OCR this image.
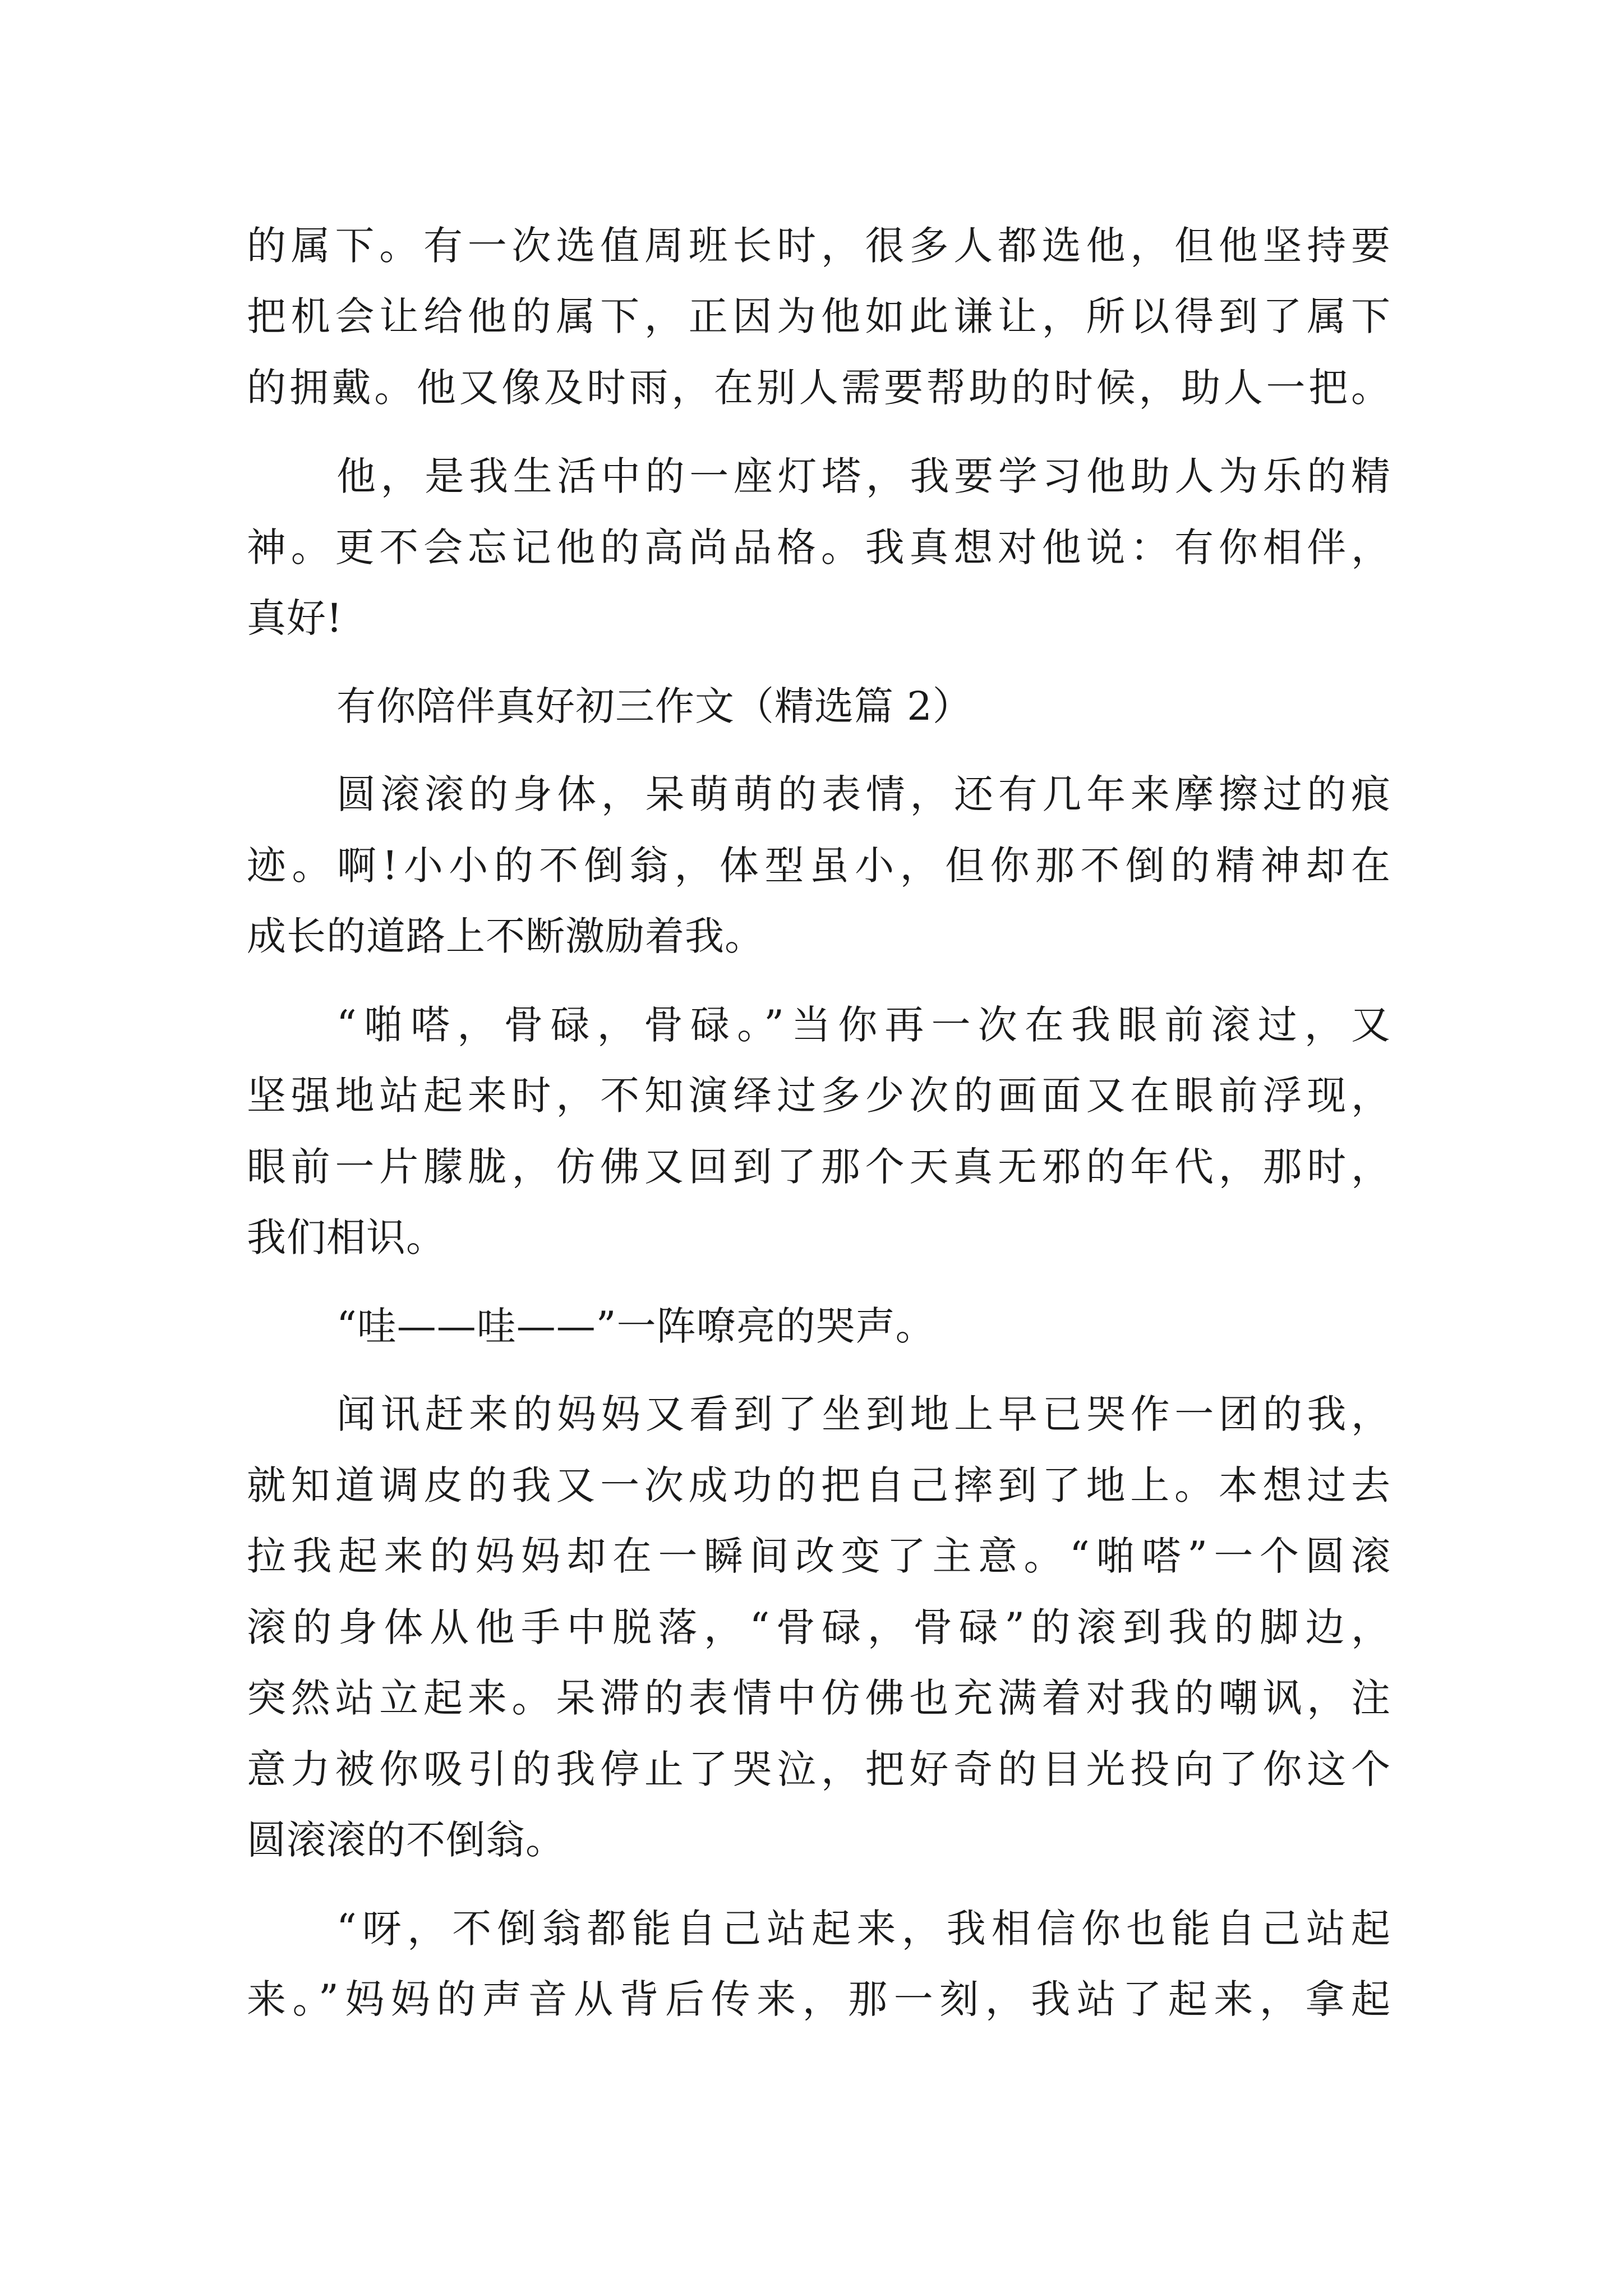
的属下。有一次选值周班长时，很多人都选他，但他坚持要
把机会让给他的属下，正因为他如此谦让，所以得到了属下
的拥戴。他又像及时雨，在别人需要帮助的时候，助人一把。
他，是我生活中的一座灯塔，我要学习他助人为乐的精
神。更不会忘记他的高尚品格。我真想对他说：有你相伴，
真好!
有你陪伴真好初三作文（精选篇 2）
圆滚滚的身体，呆萌萌的表情，还有几年来摩擦过的痕
迹。啊!小小的不倒翁，体型虽小，但你那不倒的精神却在
成长的道路上不断激励着我。
“啪嗒，骨碌，骨碌。”当你再一次在我眼前滚过，又
坚强地站起来时，不知演绎过多少次的画面又在眼前浮现，
眼前一片朦胧，仿佛又回到了那个天真无邪的年代，那时，
我们相识。
“哇——哇——”一阵嘹亮的哭声。
闻讯赶来的妈妈又看到了坐到地上早已哭作一团的我，
就知道调皮的我又一次成功的把自己摔到了地上。本想过去
拉我起来的妈妈却在一瞬间改变了主意。“啪嗒”一个圆滚
滚的身体从他手中脱落，“骨碌，骨碌”的滚到我的脚边，
突然站立起来。呆滞的表情中仿佛也充满着对我的嘲讽，注
意力被你吸引的我停止了哭泣，把好奇的目光投向了你这个
圆滚滚的不倒翁。
“呀，不倒翁都能自己站起来，我相信你也能自己站起
来。”妈妈的声音从背后传来，那一刻，我站了起来，拿起
